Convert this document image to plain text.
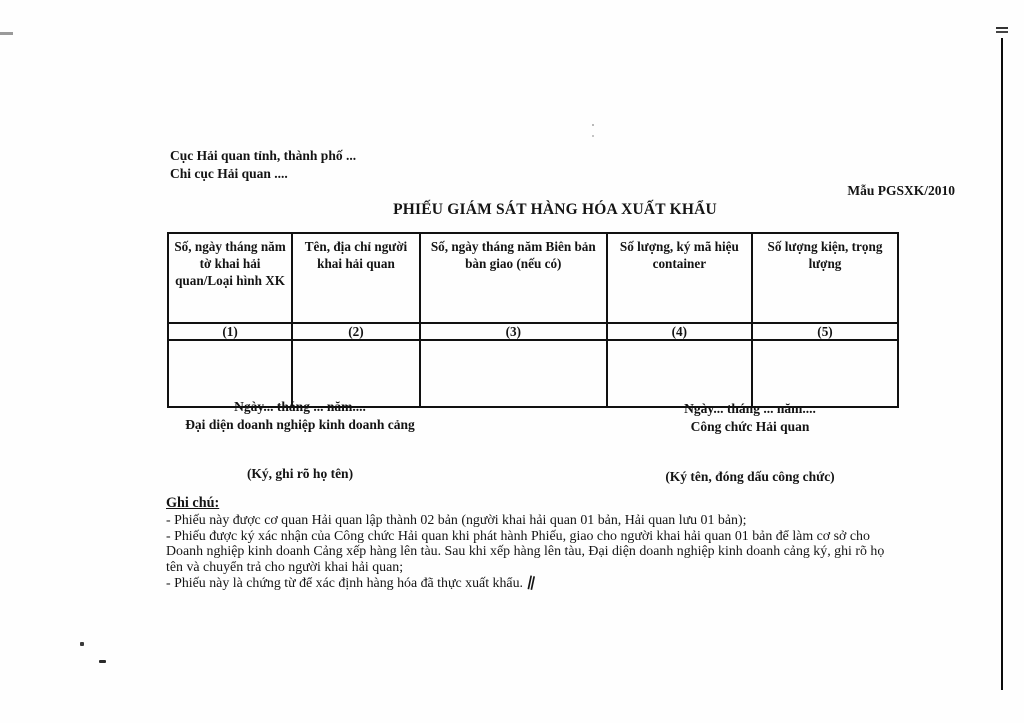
Cục Hải quan tỉnh, thành phố ...
Chi cục Hải quan ....
Mẫu PGSXK/2010
PHIẾU GIÁM SÁT HÀNG HÓA XUẤT KHẨU
Số, ngày tháng năm tờ khai hải quan/Loại hình XK	Tên, địa chỉ người khai hải quan	Số, ngày tháng năm Biên bản bàn giao (nếu có)	Số lượng, ký mã hiệu container	Số lượng kiện, trọng lượng
(1)	(2)	(3)	(4)	(5)

Ngày... tháng ... năm....
Đại diện doanh nghiệp kinh doanh cảng
(Ký, ghi rõ họ tên)
Ngày... tháng ... năm....
Công chức Hải quan
(Ký tên, đóng dấu công chức)
Ghi chú:
- Phiếu này được cơ quan Hải quan lập thành 02 bản (người khai hải quan 01 bản, Hải quan lưu 01 bản);
- Phiếu được ký xác nhận của Công chức Hải quan khi phát hành Phiếu, giao cho người khai hải quan 01 bản để làm cơ sở cho Doanh nghiệp kinh doanh Cảng xếp hàng lên tàu. Sau khi xếp hàng lên tàu, Đại diện doanh nghiệp kinh doanh cảng ký, ghi rõ họ tên và chuyển trả cho người khai hải quan;
- Phiếu này là chứng từ để xác định hàng hóa đã thực xuất khẩu. ∥
